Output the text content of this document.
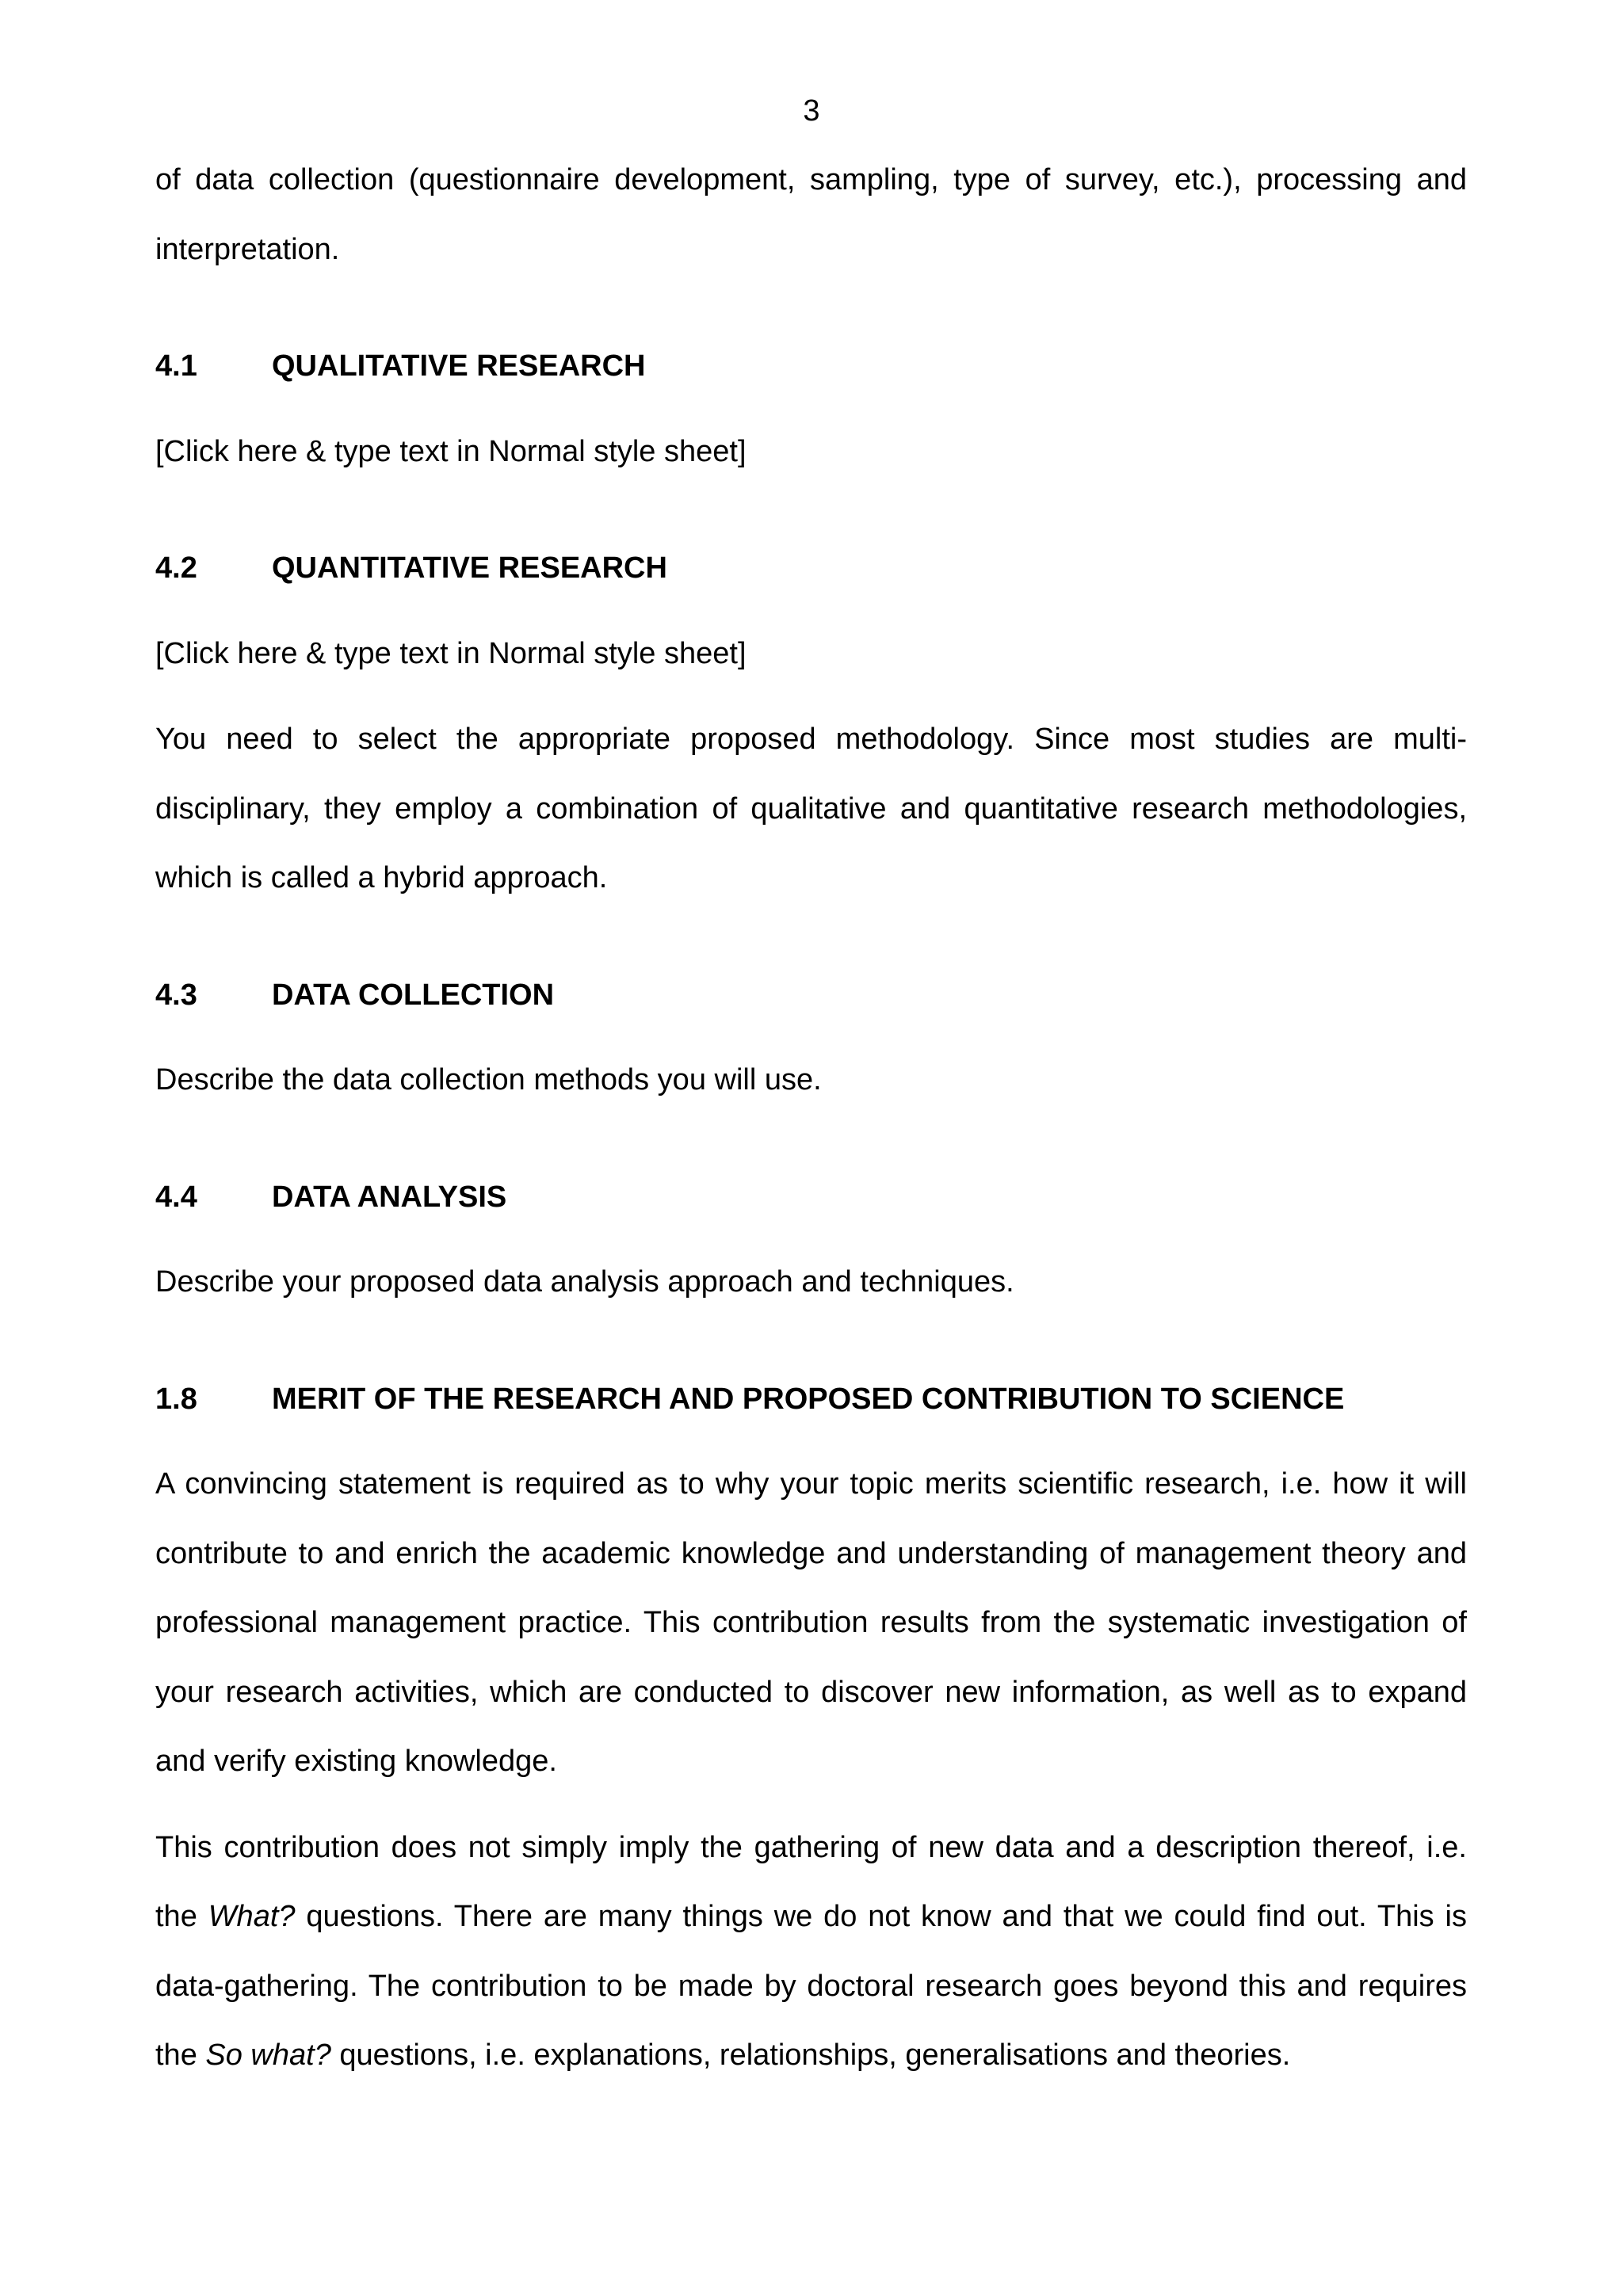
3

of data collection (questionnaire development, sampling, type of survey, etc.), processing and interpretation.

4.1	QUALITATIVE RESEARCH

[Click here & type text in Normal style sheet]

4.2	QUANTITATIVE RESEARCH

[Click here & type text in Normal style sheet]

You need to select the appropriate proposed methodology. Since most studies are multi-disciplinary, they employ a combination of qualitative and quantitative research methodologies, which is called a hybrid approach.

4.3	DATA COLLECTION

Describe the data collection methods you will use.

4.4	DATA ANALYSIS

Describe your proposed data analysis approach and techniques.

1.8	MERIT OF THE RESEARCH AND PROPOSED CONTRIBUTION TO SCIENCE

A convincing statement is required as to why your topic merits scientific research, i.e. how it will contribute to and enrich the academic knowledge and understanding of management theory and professional management practice. This contribution results from the systematic investigation of your research activities, which are conducted to discover new information, as well as to expand and verify existing knowledge.

This contribution does not simply imply the gathering of new data and a description thereof, i.e. the What? questions. There are many things we do not know and that we could find out. This is data-gathering. The contribution to be made by doctoral research goes beyond this and requires the So what? questions, i.e. explanations, relationships, generalisations and theories.
